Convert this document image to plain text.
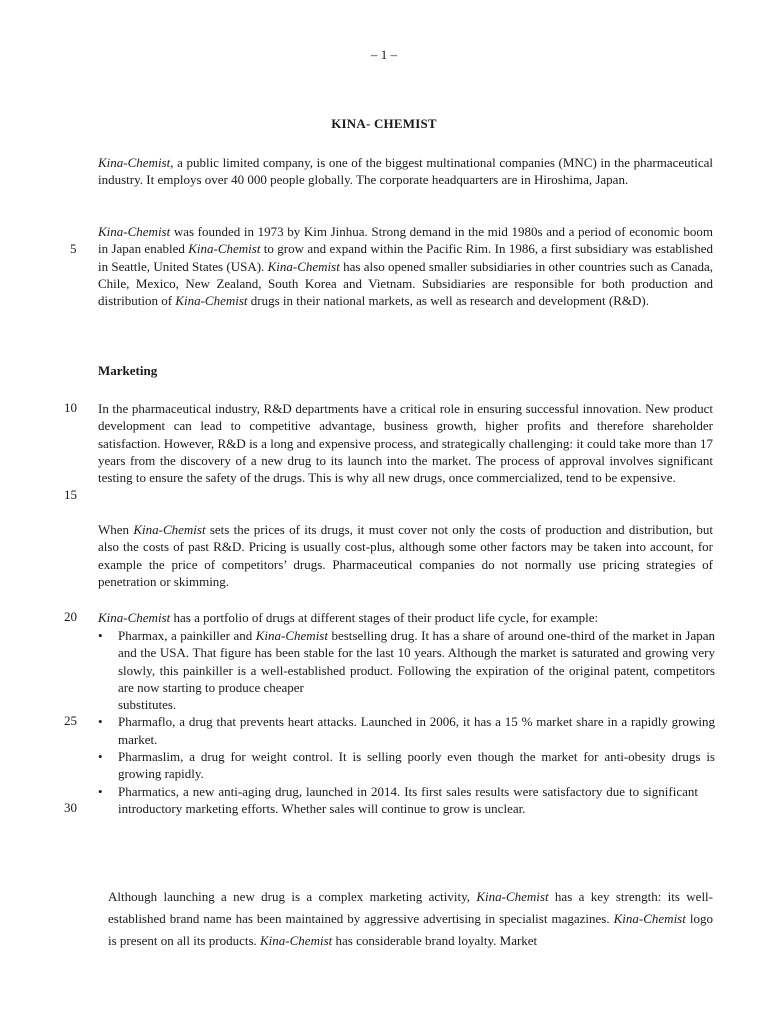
– 1 –
KINA- CHEMIST

Kina-Chemist, a public limited company, is one of the biggest multinational companies (MNC) in the pharmaceutical industry. It employs over 40 000 people globally. The corporate headquarters are in Hiroshima, Japan.

Kina-Chemist was founded in 1973 by Kim Jinhua. Strong demand in the mid 1980s and a period of economic boom in Japan enabled Kina-Chemist to grow and expand within the Pacific Rim. In 1986, a first subsidiary was established in Seattle, United States (USA). Kina-Chemist has also opened smaller subsidiaries in other countries such as Canada, Chile, Mexico, New Zealand, South Korea and Vietnam. Subsidiaries are responsible for both production and distribution of Kina-Chemist drugs in their national markets, as well as research and development (R&D).

5
Marketing
10	In the pharmaceutical industry, R&D departments have a critical role in ensuring successful innovation. New product development can lead to competitive advantage, business growth, higher profits and therefore shareholder satisfaction. However, R&D is a long and expensive process, and strategically challenging: it could take more than 17 years from the discovery of a new drug to its launch into the market. The process of approval involves significant testing to ensure the safety of the drugs. This is why all new drugs, once commercialized, tend to be expensive.

15

When Kina-Chemist sets the prices of its drugs, it must cover not only the costs of production and distribution, but also the costs of past R&D. Pricing is usually cost-plus, although some other factors may be taken into account, for example the price of competitors’ drugs. Pharmaceutical companies do not normally use pricing strategies of penetration or skimming.

20	Kina-Chemist has a portfolio of drugs at different stages of their product life cycle, for example:
• Pharmax, a painkiller and Kina-Chemist bestselling drug. It has a share of around one-third of the market in Japan and the USA. That figure has been stable for the last 10 years. Although the market is saturated and growing very slowly, this painkiller is a well-established product. Following the expiration of the original patent, competitors are now starting to produce cheaper
substitutes.
• Pharmaflo, a drug that prevents heart attacks. Launched in 2006, it has a 15 % market share in a rapidly growing market.
• Pharmaslim, a drug for weight control. It is selling poorly even though the market for anti-obesity drugs is growing rapidly.
• Pharmatics, a new anti-aging drug, launched in 2014. Its first sales results were satisfactory due to significant introductory marketing efforts. Whether sales will continue to grow is unclear.
25
30

Although launching a new drug is a complex marketing activity, Kina-Chemist has a key strength: its well-established brand name has been maintained by aggressive advertising in specialist magazines. Kina-Chemist logo is present on all its products. Kina-Chemist has considerable brand loyalty. Market
